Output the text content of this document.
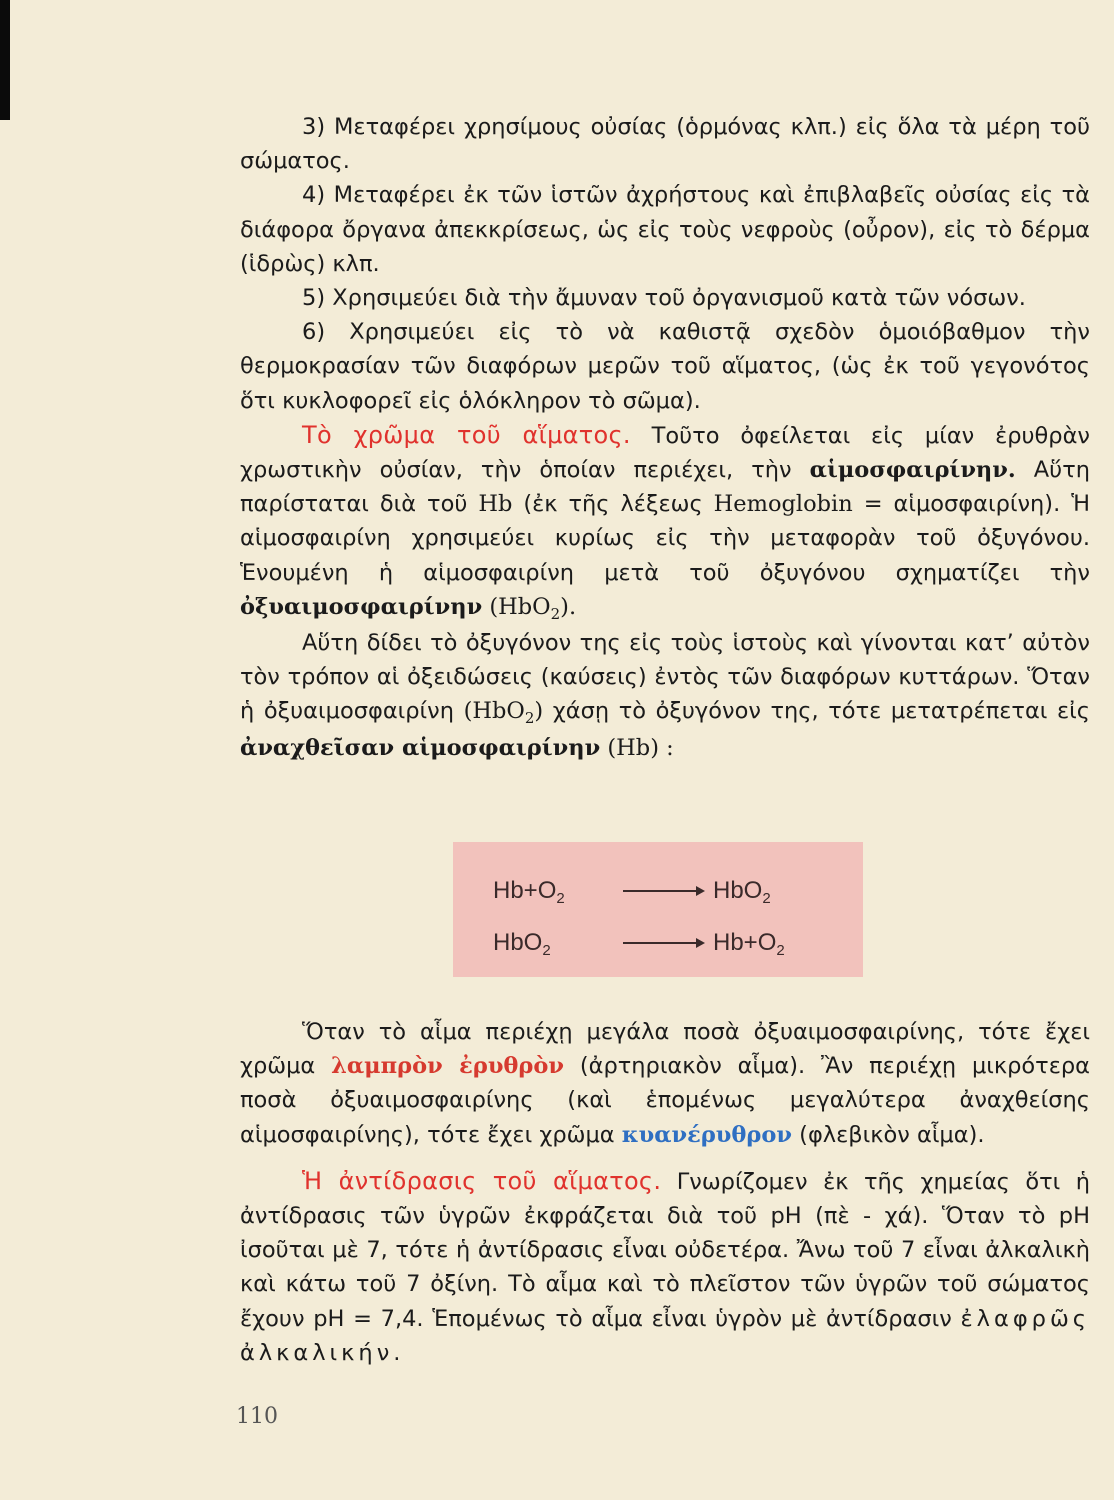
3) Μεταφέρει χρησίμους οὐσίας (ὁρμόνας κλπ.) εἰς ὅλα τὰ μέρη τοῦ σώματος.

4) Μεταφέρει ἐκ τῶν ἱστῶν ἀχρήστους καὶ ἐπιβλαβεῖς οὐσίας εἰς τὰ διάφορα ὄργανα ἀπεκκρίσεως, ὡς εἰς τοὺς νεφροὺς (οὖρον), εἰς τὸ δέρμα (ἱδρὼς) κλπ.

5) Χρησιμεύει διὰ τὴν ἄμυναν τοῦ ὀργανισμοῦ κατὰ τῶν νόσων.

6) Χρησιμεύει εἰς τὸ νὰ καθιστᾷ σχεδὸν ὁμοιόβαθμον τὴν θερμοκρασίαν τῶν διαφόρων μερῶν τοῦ αἵματος, (ὡς ἐκ τοῦ γεγονότος ὅτι κυκλοφορεῖ εἰς ὁλόκληρον τὸ σῶμα).

Τὸ χρῶμα τοῦ αἵματος. Τοῦτο ὀφείλεται εἰς μίαν ἐρυθρὰν χρωστικὴν οὐσίαν, τὴν ὁποίαν περιέχει, τὴν αἱμοσφαιρίνην. Αὕτη παρίσταται διὰ τοῦ Hb (ἐκ τῆς λέξεως Hemoglobin = αἱμοσφαιρίνη). Ἡ αἱμοσφαιρίνη χρησιμεύει κυρίως εἰς τὴν μεταφορὰν τοῦ ὀξυγόνου. Ἑνουμένη ἡ αἱμοσφαιρίνη μετὰ τοῦ ὀξυγόνου σχηματίζει τὴν ὀξυαιμοσφαιρίνην (HbO$_2$).

Αὕτη δίδει τὸ ὀξυγόνον της εἰς τοὺς ἱστοὺς καὶ γίνονται κατ’ αὐτὸν τὸν τρόπον αἱ ὀξειδώσεις (καύσεις) ἐντὸς τῶν διαφόρων κυττάρων. Ὅταν ἡ ὀξυαιμοσφαιρίνη (HbO$_2$) χάσῃ τὸ ὀξυγόνον της, τότε μετατρέπεται εἰς ἀναχθεῖσαν αἱμοσφαιρίνην (Hb) :

$Hb+O_2$	HbO$_2$
HbO$_2$	$Hb+O_2$

Ὅταν τὸ αἷμα περιέχῃ μεγάλα ποσὰ ὀξυαιμοσφαιρίνης, τότε ἔχει χρῶμα λαμπρὸν ἐρυθρὸν (ἀρτηριακὸν αἷμα). Ἂν περιέχῃ μικρότερα ποσὰ ὀξυαιμοσφαιρίνης (καὶ ἑπομένως μεγαλύτερα ἀναχθείσης αἱμοσφαιρίνης), τότε ἔχει χρῶμα κυανέρυθρον (φλεβικὸν αἷμα).

Ἡ ἀντίδρασις τοῦ αἵματος. Γνωρίζομεν ἐκ τῆς χημείας ὅτι ἡ ἀντίδρασις τῶν ὑγρῶν ἐκφράζεται διὰ τοῦ pH (πὲ - χά). Ὅταν τὸ pH ἰσοῦται μὲ 7, τότε ἡ ἀντίδρασις εἶναι οὐδετέρα. Ἄνω τοῦ 7 εἶναι ἀλκαλικὴ καὶ κάτω τοῦ 7 ὀξίνη. Τὸ αἷμα καὶ τὸ πλεῖστον τῶν ὑγρῶν τοῦ σώματος ἔχουν pH = 7,4. Ἑπομένως τὸ αἷμα εἶναι ὑγρὸν μὲ ἀντίδρασιν ἐλαφρῶς ἀλκαλικήν.

110
